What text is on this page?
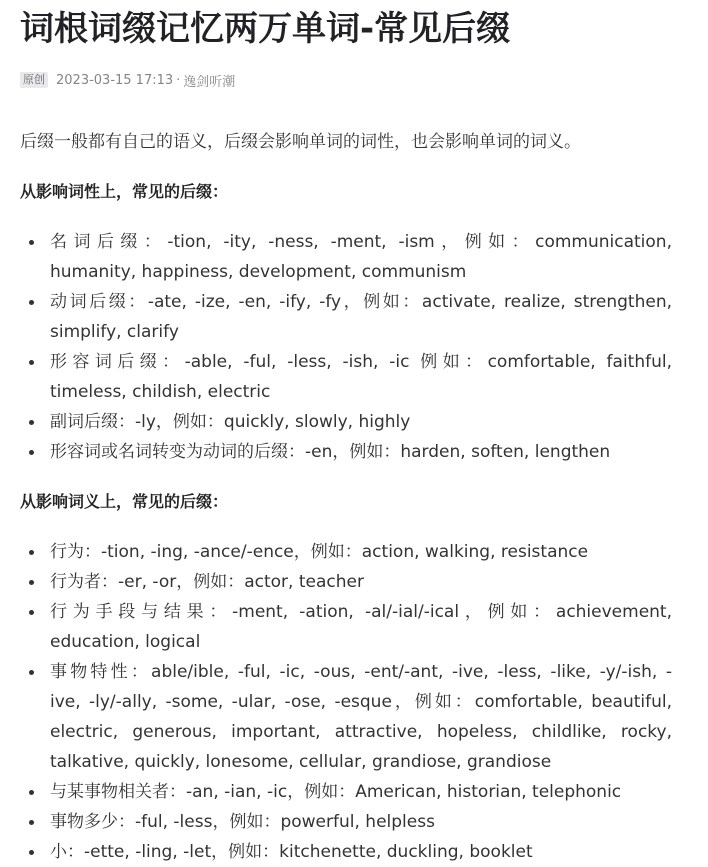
词根词缀记忆两万单词-常见后缀
原创 2023-03-15 17:13 · 逸剑听潮

后缀一般都有自己的语义，后缀会影响单词的词性，也会影响单词的词义。

从影响词性上，常见的后缀：

名词后缀：-tion, -ity, -ness, -ment, -ism，例如：communication,
humanity, happiness, development, communism
动词后缀：-ate, -ize, -en, -ify, -fy，例如：activate, realize, strengthen,
simplify, clarify
形容词后缀：-able, -ful, -less, -ish, -ic 例如：comfortable, faithful,
timeless, childish, electric
副词后缀：-ly，例如：quickly, slowly, highly
形容词或名词转变为动词的后缀：-en，例如：harden, soften, lengthen

从影响词义上，常见的后缀：

行为：-tion, -ing, -ance/-ence，例如：action, walking, resistance
行为者：-er, -or，例如：actor, teacher
行为手段与结果：-ment, -ation, -al/-ial/-ical，例如：achievement,
education, logical
事物特性：able/ible, -ful, -ic, -ous, -ent/-ant, -ive, -less, -like, -y/-ish, -
ive, -ly/-ally, -some, -ular, -ose, -esque，例如：comfortable, beautiful,
electric, generous, important, attractive, hopeless, childlike, rocky,
talkative, quickly, lonesome, cellular, grandiose, grandiose
与某事物相关者：-an, -ian, -ic，例如：American, historian, telephonic
事物多少：-ful, -less，例如：powerful, helpless
小：-ette, -ling, -let，例如：kitchenette, duckling, booklet
